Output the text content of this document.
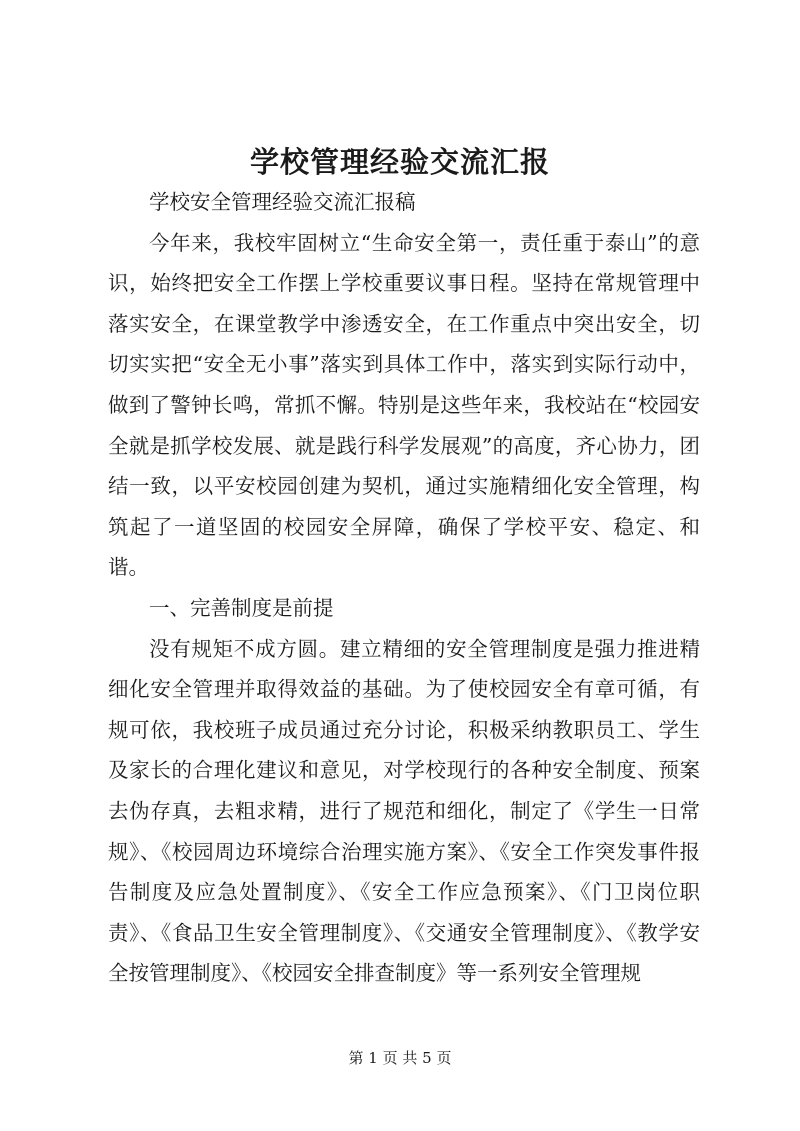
学校管理经验交流汇报

学校安全管理经验交流汇报稿

今年来，我校牢固树立“生命安全第一，责任重于泰山”的意识，始终把安全工作摆上学校重要议事日程。坚持在常规管理中落实安全，在课堂教学中渗透安全，在工作重点中突出安全，切切实实把“安全无小事”落实到具体工作中，落实到实际行动中，做到了警钟长鸣，常抓不懈。特别是这些年来，我校站在“校园安全就是抓学校发展、就是践行科学发展观”的高度，齐心协力，团结一致，以平安校园创建为契机，通过实施精细化安全管理，构筑起了一道坚固的校园安全屏障，确保了学校平安、稳定、和谐。

一、完善制度是前提

没有规矩不成方圆。建立精细的安全管理制度是强力推进精细化安全管理并取得效益的基础。为了使校园安全有章可循，有规可依，我校班子成员通过充分讨论，积极采纳教职员工、学生及家长的合理化建议和意见，对学校现行的各种安全制度、预案去伪存真，去粗求精，进行了规范和细化，制定了《学生一日常规》、《校园周边环境综合治理实施方案》、《安全工作突发事件报告制度及应急处置制度》、《安全工作应急预案》、《门卫岗位职责》、《食品卫生安全管理制度》、《交通安全管理制度》、《教学安全按管理制度》、《校园安全排查制度》等一系列安全管理规

第 1 页 共 5 页
